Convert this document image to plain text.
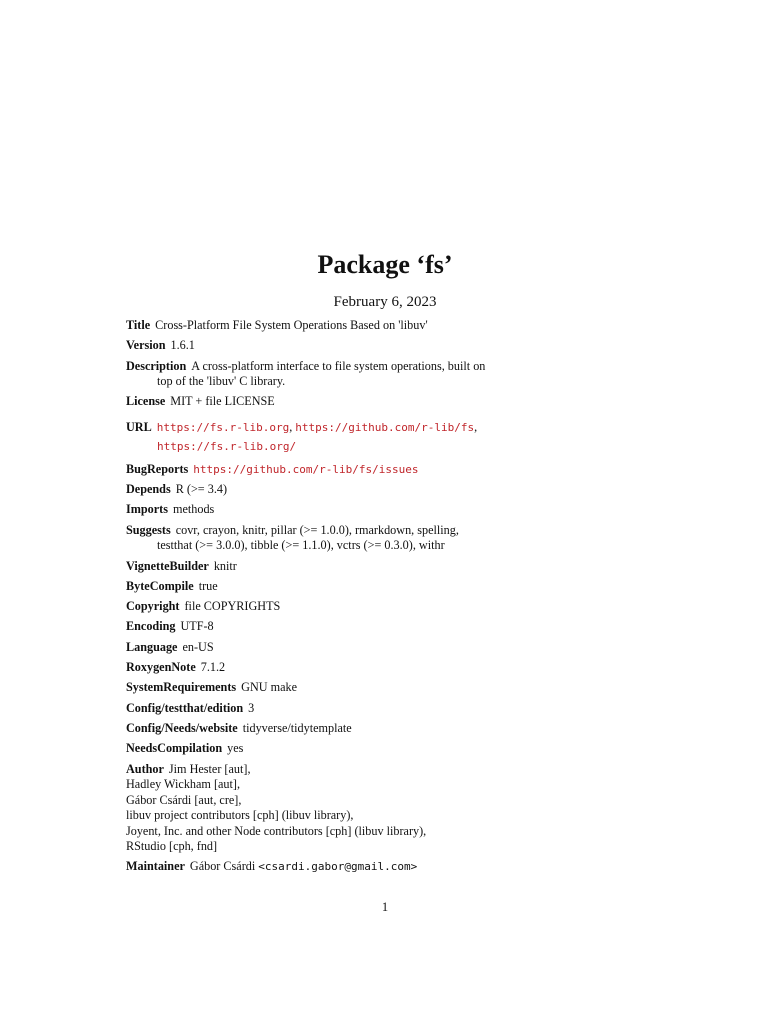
Package ‘fs’
February 6, 2023
Title Cross-Platform File System Operations Based on 'libuv'
Version 1.6.1
Description A cross-platform interface to file system operations, built on top of the 'libuv' C library.
License MIT + file LICENSE
URL https://fs.r-lib.org, https://github.com/r-lib/fs,
https://fs.r-lib.org/
BugReports https://github.com/r-lib/fs/issues
Depends R (>= 3.4)
Imports methods
Suggests covr, crayon, knitr, pillar (>= 1.0.0), rmarkdown, spelling, testthat (>= 3.0.0), tibble (>= 1.1.0), vctrs (>= 0.3.0), withr
VignetteBuilder knitr
ByteCompile true
Copyright file COPYRIGHTS
Encoding UTF-8
Language en-US
RoxygenNote 7.1.2
SystemRequirements GNU make
Config/testthat/edition 3
Config/Needs/website tidyverse/tidytemplate
NeedsCompilation yes
Author Jim Hester [aut],
Hadley Wickham [aut],
Gábor Csárdi [aut, cre],
libuv project contributors [cph] (libuv library),
Joyent, Inc. and other Node contributors [cph] (libuv library),
RStudio [cph, fnd]
Maintainer Gábor Csárdi <csardi.gabor@gmail.com>
1
